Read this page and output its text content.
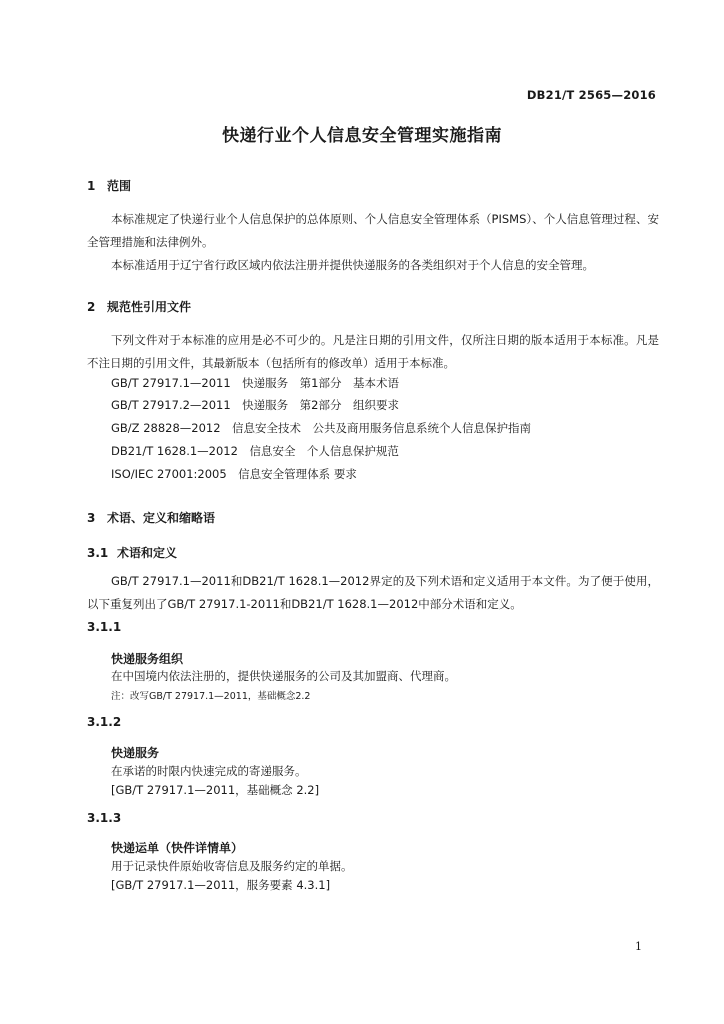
DB21/T 2565—2016
快递行业个人信息安全管理实施指南
1 范围
本标准规定了快递行业个人信息保护的总体原则、个人信息安全管理体系（PISMS）、个人信息管理过程、安全管理措施和法律例外。
本标准适用于辽宁省行政区域内依法注册并提供快递服务的各类组织对于个人信息的安全管理。
2 规范性引用文件
下列文件对于本标准的应用是必不可少的。凡是注日期的引用文件，仅所注日期的版本适用于本标准。凡是不注日期的引用文件，其最新版本（包括所有的修改单）适用于本标准。
GB/T 27917.1—2011　快递服务　第1部分　基本术语
GB/T 27917.2—2011　快递服务　第2部分　组织要求
GB/Z 28828—2012　信息安全技术　公共及商用服务信息系统个人信息保护指南
DB21/T 1628.1—2012　信息安全　个人信息保护规范
ISO/IEC 27001:2005　信息安全管理体系 要求
3 术语、定义和缩略语
3.1 术语和定义
GB/T 27917.1—2011和DB21/T 1628.1—2012界定的及下列术语和定义适用于本文件。为了便于使用，以下重复列出了GB/T 27917.1-2011和DB21/T 1628.1—2012中部分术语和定义。
3.1.1
快递服务组织
在中国境内依法注册的，提供快递服务的公司及其加盟商、代理商。
注：改写GB/T 27917.1—2011，基础概念2.2
3.1.2
快递服务
在承诺的时限内快速完成的寄递服务。
[GB/T 27917.1—2011，基础概念 2.2]
3.1.3
快递运单（快件详情单）
用于记录快件原始收寄信息及服务约定的单据。
[GB/T 27917.1—2011，服务要素 4.3.1]
1
